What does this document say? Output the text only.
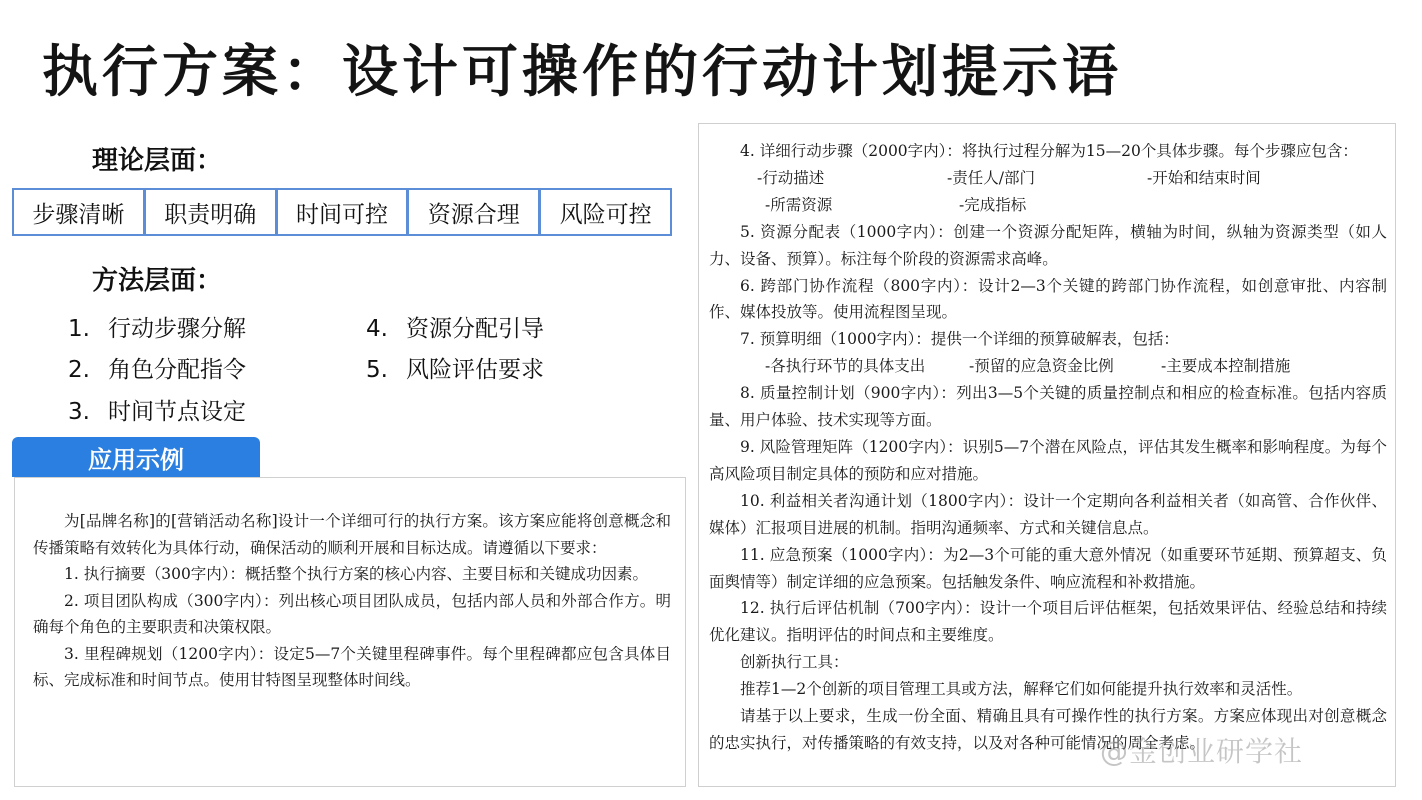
执行方案：设计可操作的行动计划提示语
理论层面：
步骤清晰	职责明确	时间可控	资源合理	风险可控
方法层面：
1. 行动步骤分解
2. 角色分配指令
3. 时间节点设定
4. 资源分配引导
5. 风险评估要求
应用示例

为[品牌名称]的[营销活动名称]设计一个详细可行的执行方案。该方案应能将创意概念和传播策略有效转化为具体行动，确保活动的顺利开展和目标达成。请遵循以下要求：

1. 执行摘要（300字内）：概括整个执行方案的核心内容、主要目标和关键成功因素。

2. 项目团队构成（300字内）：列出核心项目团队成员，包括内部人员和外部合作方。明确每个角色的主要职责和决策权限。

3. 里程碑规划（1200字内）：设定5—7个关键里程碑事件。每个里程碑都应包含具体目标、完成标准和时间节点。使用甘特图呈现整体时间线。

4. 详细行动步骤（2000字内）：将执行过程分解为15—20个具体步骤。每个步骤应包含：

-行动描述	-责任人/部门	-开始和结束时间
-所需资源	-完成指标

5. 资源分配表（1000字内）：创建一个资源分配矩阵，横轴为时间，纵轴为资源类型（如人力、设备、预算）。标注每个阶段的资源需求高峰。

6. 跨部门协作流程（800字内）：设计2—3个关键的跨部门协作流程，如创意审批、内容制作、媒体投放等。使用流程图呈现。

7. 预算明细（1000字内）：提供一个详细的预算破解表，包括：

-各执行环节的具体支出	-预留的应急资金比例	-主要成本控制措施

8. 质量控制计划（900字内）：列出3—5个关键的质量控制点和相应的检查标准。包括内容质量、用户体验、技术实现等方面。

9. 风险管理矩阵（1200字内）：识别5—7个潜在风险点，评估其发生概率和影响程度。为每个高风险项目制定具体的预防和应对措施。

10. 利益相关者沟通计划（1800字内）：设计一个定期向各利益相关者（如高管、合作伙伴、媒体）汇报项目进展的机制。指明沟通频率、方式和关键信息点。

11. 应急预案（1000字内）：为2—3个可能的重大意外情况（如重要环节延期、预算超支、负面舆情等）制定详细的应急预案。包括触发条件、响应流程和补救措施。

12. 执行后评估机制（700字内）：设计一个项目后评估框架，包括效果评估、经验总结和持续优化建议。指明评估的时间点和主要维度。

创新执行工具：

推荐1—2个创新的项目管理工具或方法，解释它们如何能提升执行效率和灵活性。

请基于以上要求，生成一份全面、精确且具有可操作性的执行方案。方案应体现出对创意概念的忠实执行，对传播策略的有效支持，以及对各种可能情况的周全考虑。

@金创业研学社
